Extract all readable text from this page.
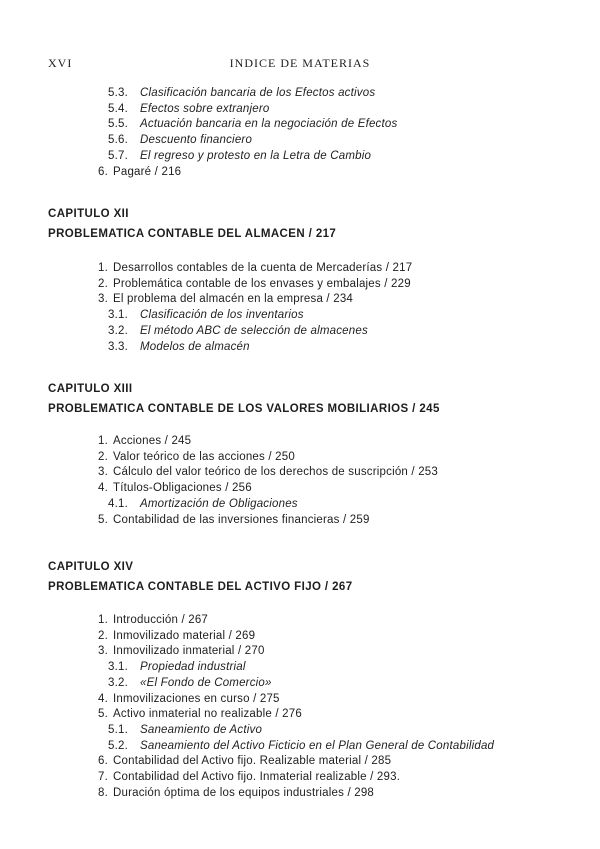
XVI	INDICE DE MATERIAS
5.3. Clasificación bancaria de los Efectos activos
5.4. Efectos sobre extranjero
5.5. Actuación bancaria en la negociación de Efectos
5.6. Descuento financiero
5.7. El regreso y protesto en la Letra de Cambio
6. Pagaré / 216
CAPITULO XII
PROBLEMATICA CONTABLE DEL ALMACEN / 217
1. Desarrollos contables de la cuenta de Mercaderías / 217
2. Problemática contable de los envases y embalajes / 229
3. El problema del almacén en la empresa / 234
3.1. Clasificación de los inventarios
3.2. El método ABC de selección de almacenes
3.3. Modelos de almacén
CAPITULO XIII
PROBLEMATICA CONTABLE DE LOS VALORES MOBILIARIOS / 245
1. Acciones / 245
2. Valor teórico de las acciones / 250
3. Cálculo del valor teórico de los derechos de suscripción / 253
4. Títulos-Obligaciones / 256
4.1. Amortización de Obligaciones
5. Contabilidad de las inversiones financieras / 259
CAPITULO XIV
PROBLEMATICA CONTABLE DEL ACTIVO FIJO / 267
1. Introducción / 267
2. Inmovilizado material / 269
3. Inmovilizado inmaterial / 270
3.1. Propiedad industrial
3.2. «El Fondo de Comercio»
4. Inmovilizaciones en curso / 275
5. Activo inmaterial no realizable / 276
5.1. Saneamiento de Activo
5.2. Saneamiento del Activo Ficticio en el Plan General de Contabilidad
6. Contabilidad del Activo fijo. Realizable material / 285
7. Contabilidad del Activo fijo. Inmaterial realizable / 293.
8. Duración óptima de los equipos industriales / 298
